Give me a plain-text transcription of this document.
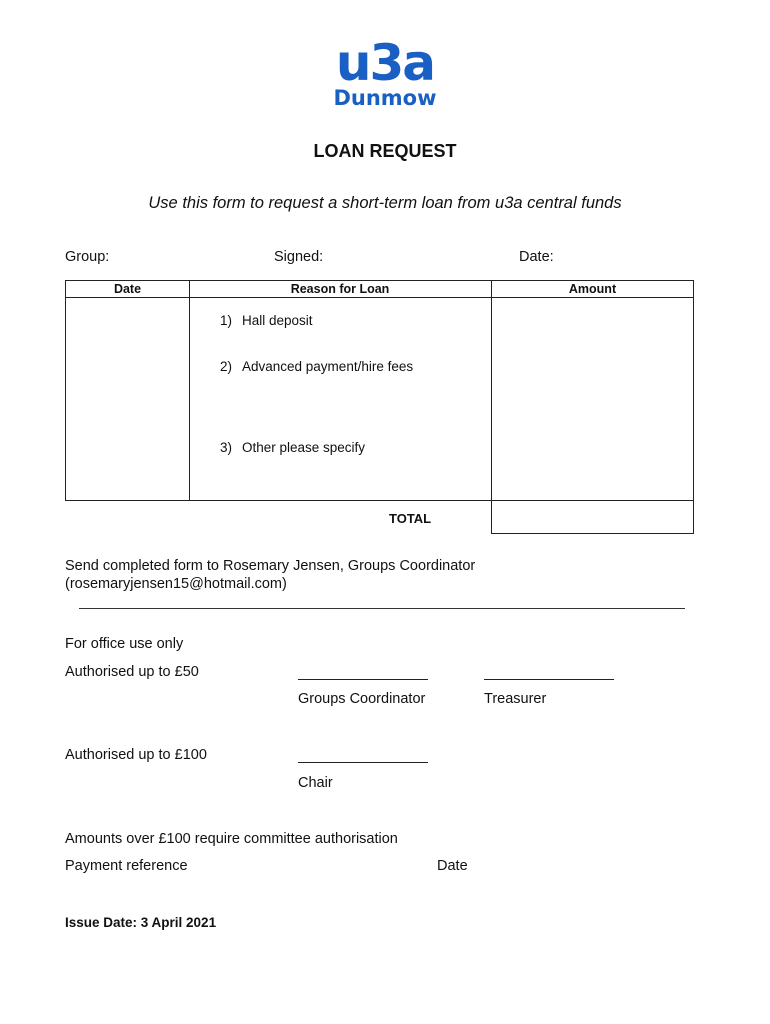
u3a
Dunmow
LOAN REQUEST
Use this form to request a short-term loan from u3a central funds
Group:	Signed:	Date:
Date	Reason for Loan	Amount
1) Hall deposit
2) Advanced payment/hire fees
3) Other please specify
TOTAL
Send completed form to Rosemary Jensen, Groups Coordinator
(rosemaryjensen15@hotmail.com)
For office use only
Authorised up to £50
Groups Coordinator	Treasurer
Authorised up to £100
Chair
Amounts over £100 require committee authorisation
Payment reference	Date
Issue Date: 3 April 2021
